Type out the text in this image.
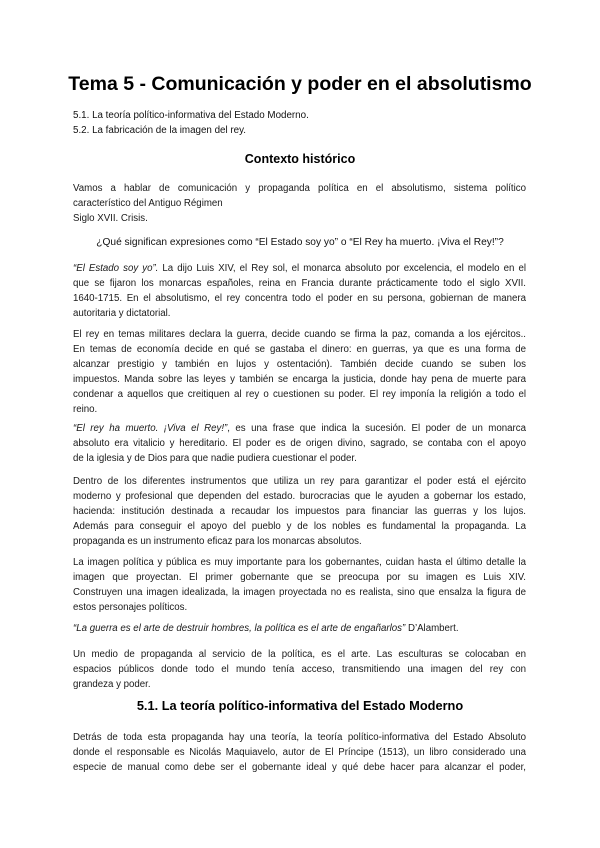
Tema 5 - Comunicación y poder en el absolutismo
5.1. La teoría político-informativa del Estado Moderno.
5.2. La fabricación de la imagen del rey.
Contexto histórico
Vamos a hablar de comunicación y propaganda política en el absolutismo, sistema político
característico del Antiguo Régimen
Siglo XVII. Crisis.
¿Qué significan expresiones como “El Estado soy yo” o “El Rey ha muerto. ¡Viva el Rey!”?
“El Estado soy yo”. La dijo Luis XIV, el Rey sol, el monarca absoluto por excelencia, el modelo en el
que se fijaron los monarcas españoles, reina en Francia durante prácticamente todo el siglo XVII.
1640-1715. En el absolutismo, el rey concentra todo el poder en su persona, gobiernan de manera
autoritaria y dictatorial.
El rey en temas militares declara la guerra, decide cuando se firma la paz, comanda a los ejércitos..
En temas de economía decide en qué se gastaba el dinero: en guerras, ya que es una forma de
alcanzar prestigio y también en lujos y ostentación). También decide cuando se suben los
impuestos. Manda sobre las leyes y también se encarga la justicia, donde hay pena de muerte para
condenar a aquellos que creitiquen al rey o cuestionen su poder. El rey imponía la religión a todo el
reino.
“El rey ha muerto. ¡Viva el Rey!”, es una frase que indica la sucesión. El poder de un monarca
absoluto era vitalicio y hereditario. El poder es de origen divino, sagrado, se contaba con el apoyo
de la iglesia y de Dios para que nadie pudiera cuestionar el poder.
Dentro de los diferentes instrumentos que utiliza un rey para garantizar el poder está el ejército
moderno y profesional que dependen del estado. burocracias que le ayuden a gobernar los estado,
hacienda: institución destinada a recaudar los impuestos para financiar las guerras y los lujos.
Además para conseguir el apoyo del pueblo y de los nobles es fundamental la propaganda. La
propaganda es un instrumento eficaz para los monarcas absolutos.
La imagen política y pública es muy importante para los gobernantes, cuidan hasta el último detalle la
imagen que proyectan. El primer gobernante que se preocupa por su imagen es Luis XIV.
Construyen una imagen idealizada, la imagen proyectada no es realista, sino que ensalza la figura de
estos personajes políticos.
“La guerra es el arte de destruir hombres, la política es el arte de engañarlos” D’Alambert.
Un medio de propaganda al servicio de la política, es el arte. Las esculturas se colocaban en
espacios públicos donde todo el mundo tenía acceso, transmitiendo una imagen del rey con
grandeza y poder.
5.1. La teoría político-informativa del Estado Moderno
Detrás de toda esta propaganda hay una teoría, la teoría político-informativa del Estado Absoluto
donde el responsable es Nicolás Maquiavelo, autor de El Príncipe (1513), un libro considerado una
especie de manual como debe ser el gobernante ideal y qué debe hacer para alcanzar el poder,
